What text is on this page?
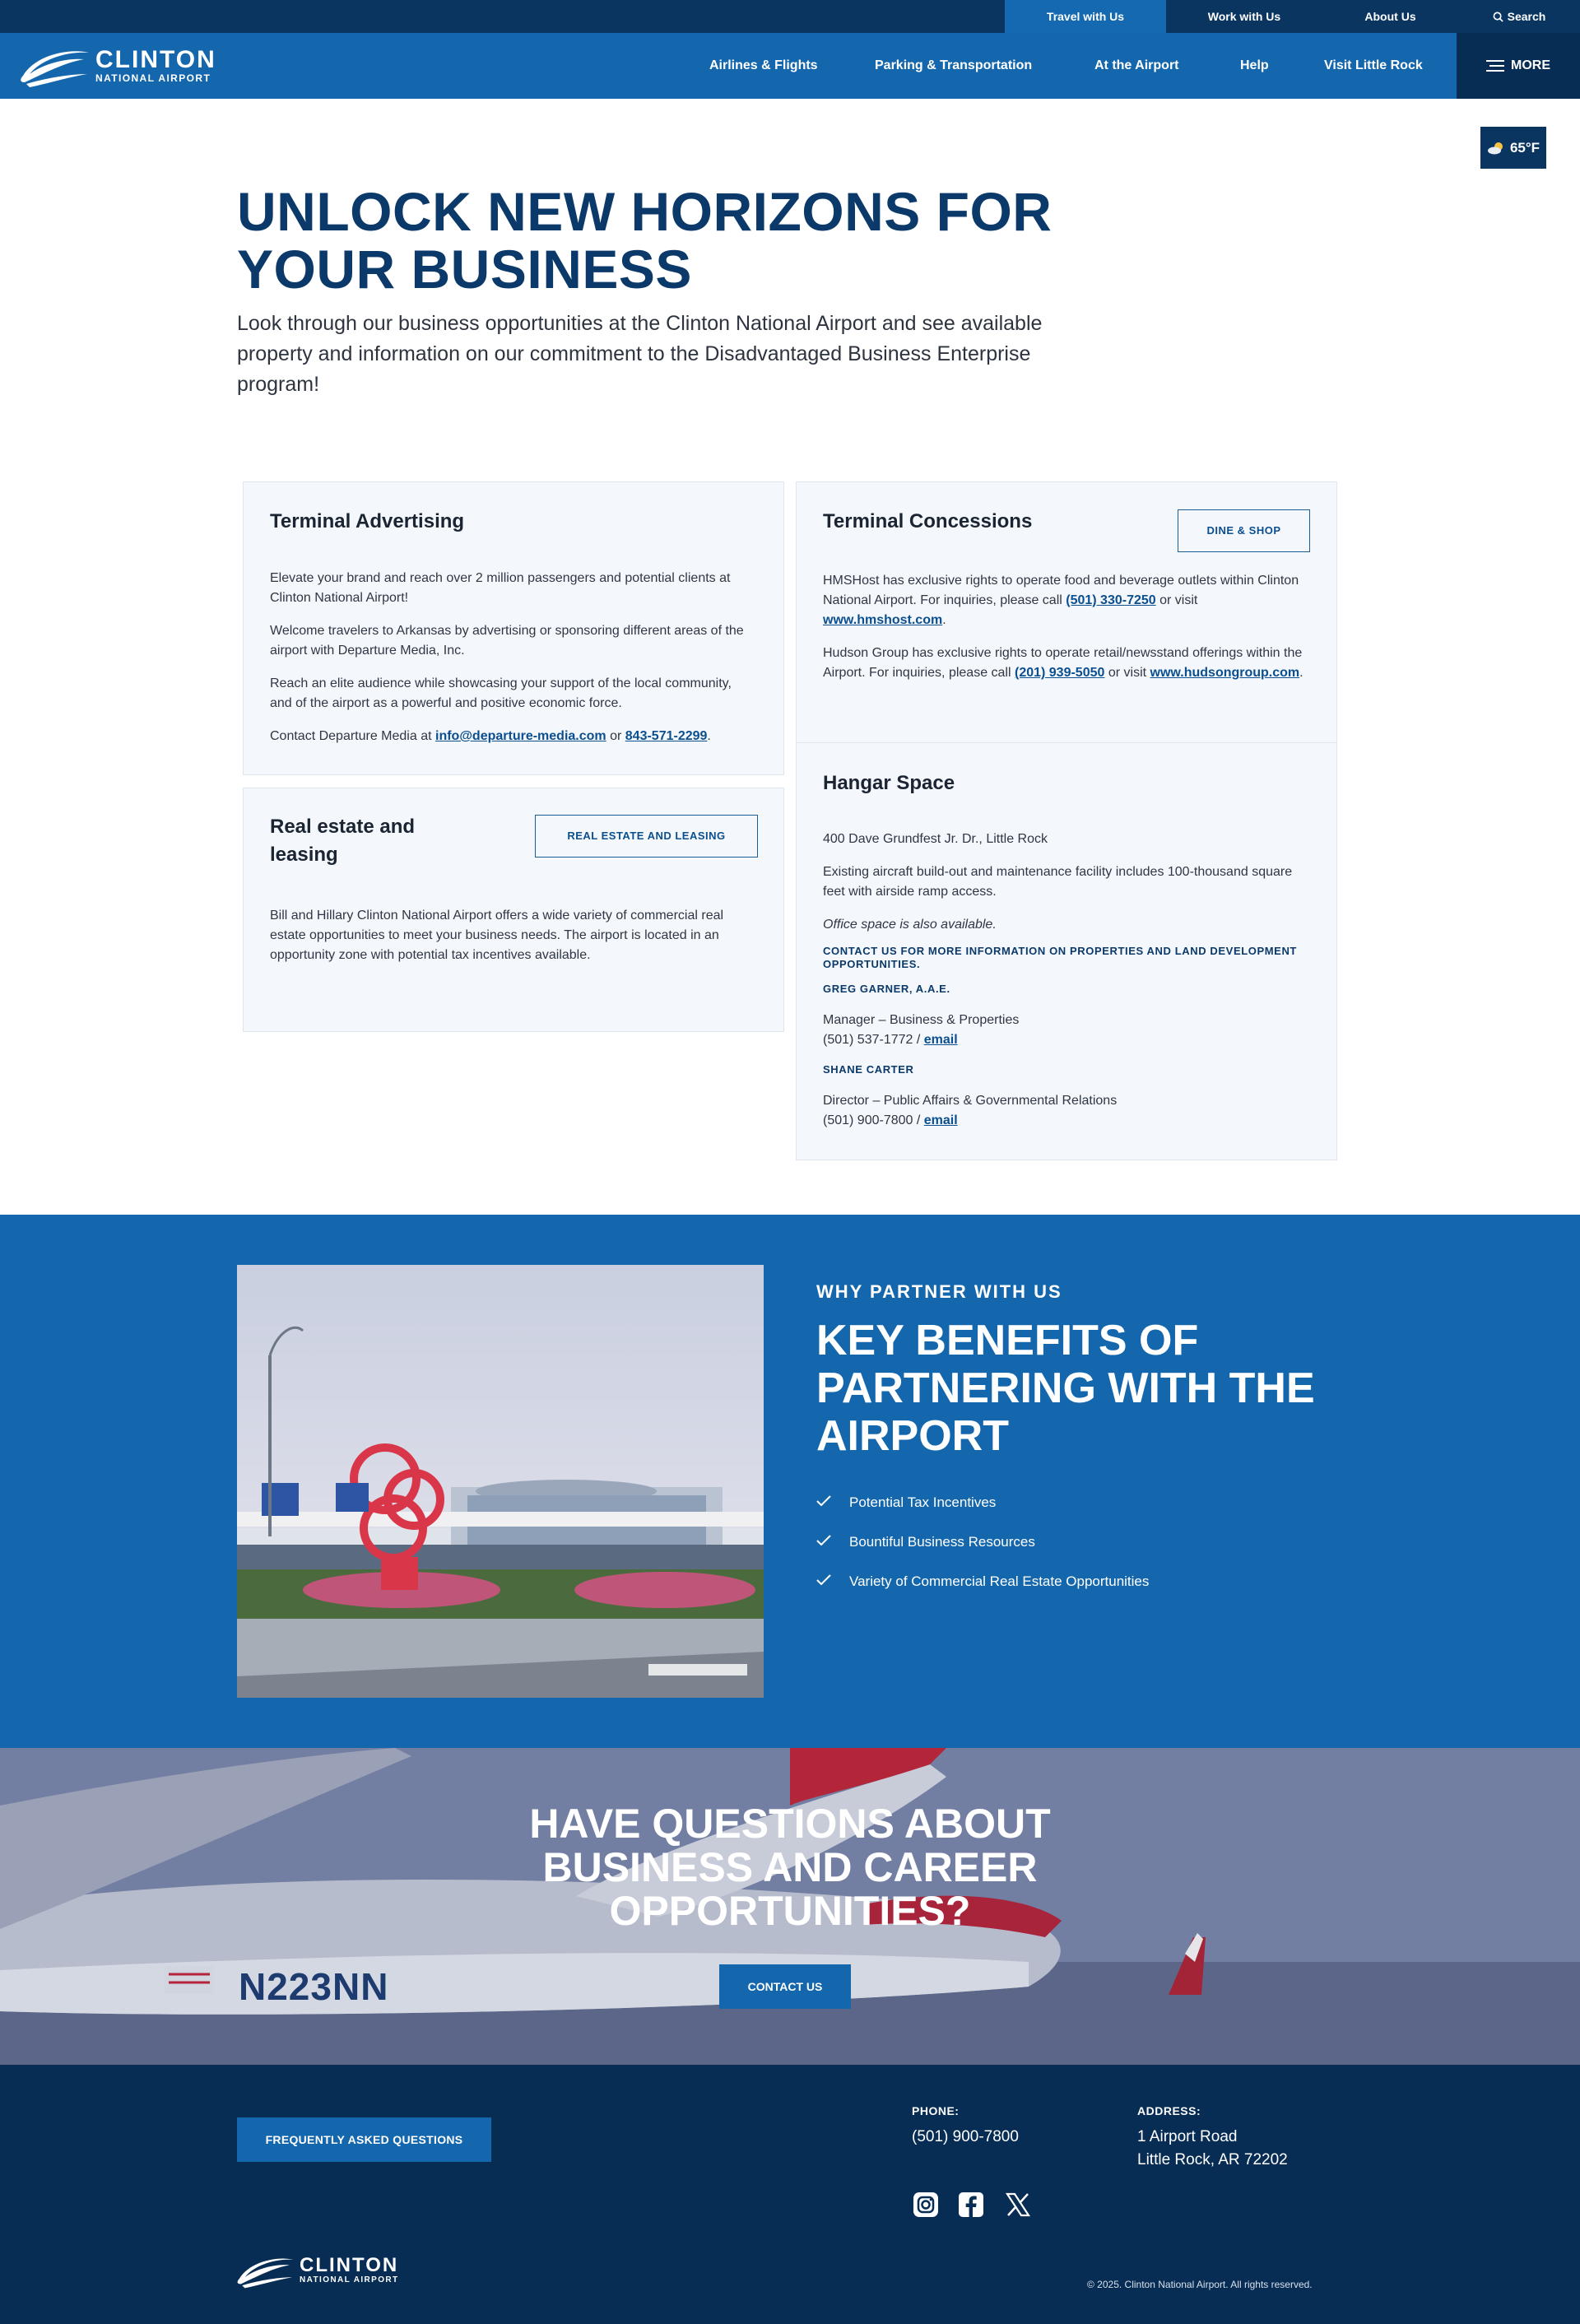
Travel with Us	Work with Us	About Us	Search
CLINTON
NATIONAL AIRPORT
Airlines & Flights	Parking & Transportation	At the Airport	Help	Visit Little Rock	MORE
65°F
UNLOCK NEW HORIZONS FOR YOUR BUSINESS

Look through our business opportunities at the Clinton National Airport and see available property and information on our commitment to the Disadvantaged Business Enterprise program!

Terminal Advertising

Elevate your brand and reach over 2 million passengers and potential clients at Clinton National Airport!

Welcome travelers to Arkansas by advertising or sponsoring different areas of the airport with Departure Media, Inc.

Reach an elite audience while showcasing your support of the local community, and of the airport as a powerful and positive economic force.

Contact Departure Media at info@departure-media.com or 843-571-2299.

Real estate and leasing
REAL ESTATE AND LEASING

Bill and Hillary Clinton National Airport offers a wide variety of commercial real estate opportunities to meet your business needs. The airport is located in an opportunity zone with potential tax incentives available.

Terminal Concessions	DINE & SHOP

HMSHost has exclusive rights to operate food and beverage outlets within Clinton National Airport. For inquiries, please call (501) 330-7250 or visit www.hmshost.com.

Hudson Group has exclusive rights to operate retail/newsstand offerings within the Airport. For inquiries, please call (201) 939-5050 or visit www.hudsongroup.com.

Hangar Space

400 Dave Grundfest Jr. Dr., Little Rock

Existing aircraft build-out and maintenance facility includes 100-thousand square feet with airside ramp access.

Office space is also available.

CONTACT US FOR MORE INFORMATION ON PROPERTIES AND LAND DEVELOPMENT OPPORTUNITIES.

GREG GARNER, A.A.E.

Manager – Business & Properties
(501) 537-1772 / email

SHANE CARTER

Director – Public Affairs & Governmental Relations
(501) 900-7800 / email

WHY PARTNER WITH US
KEY BENEFITS OF PARTNERING WITH THE AIRPORT
Potential Tax Incentives
Bountiful Business Resources
Variety of Commercial Real Estate Opportunities
N223NN
HAVE QUESTIONS ABOUT BUSINESS AND CAREER OPPORTUNITIES?
CONTACT US
FREQUENTLY ASKED QUESTIONS
PHONE:
(501) 900-7800
ADDRESS:
1 Airport Road
Little Rock, AR 72202
CLINTON
NATIONAL AIRPORT	© 2025. Clinton National Airport. All rights reserved.
